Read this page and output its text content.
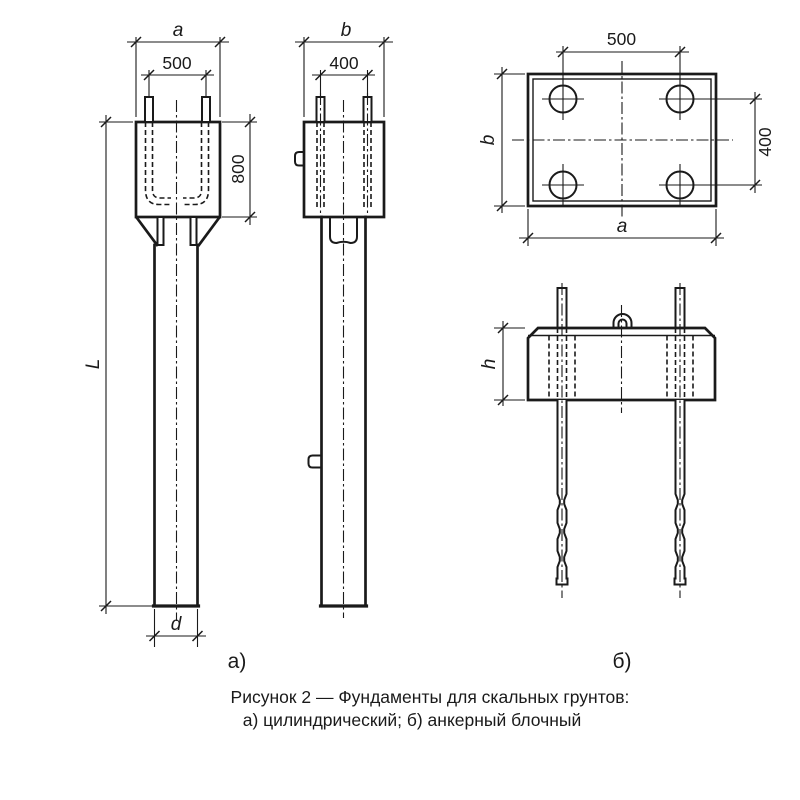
a
500
800
L
d
b
400
500
400
b
a
h
а)	б)
Рисунок 2 — Фундаменты для скальных грунтов:
а) цилиндрический; б) анкерный блочный
